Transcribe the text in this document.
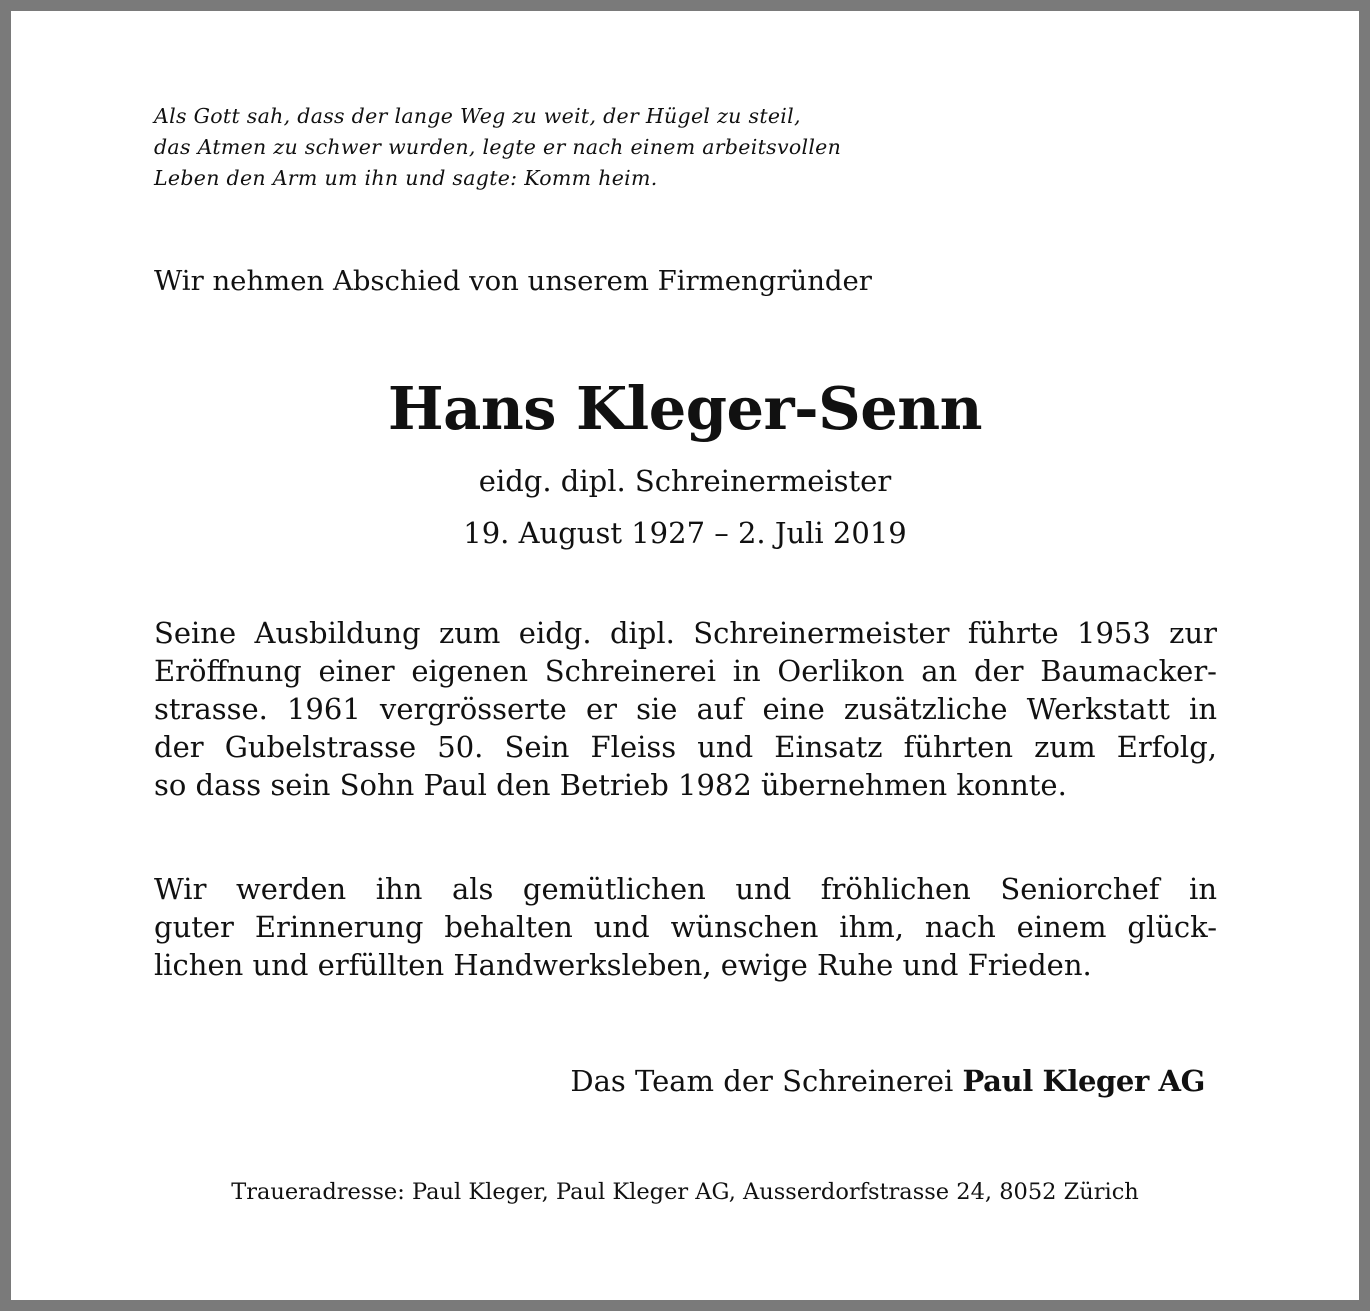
Als Gott sah, dass der lange Weg zu weit, der Hügel zu steil,
das Atmen zu schwer wurden, legte er nach einem arbeitsvollen
Leben den Arm um ihn und sagte: Komm heim.
Wir nehmen Abschied von unserem Firmengründer
Hans Kleger-Senn
eidg. dipl. Schreinermeister
19. August 1927 – 2. Juli 2019
Seine Ausbildung zum eidg. dipl. Schreinermeister führte 1953 zur
Eröffnung einer eigenen Schreinerei in Oerlikon an der Baumacker-
strasse. 1961 vergrösserte er sie auf eine zusätzliche Werkstatt in
der Gubelstrasse 50. Sein Fleiss und Einsatz führten zum Erfolg,
so dass sein Sohn Paul den Betrieb 1982 übernehmen konnte.
Wir werden ihn als gemütlichen und fröhlichen Seniorchef in
guter Erinnerung behalten und wünschen ihm, nach einem glück-
lichen und erfüllten Handwerksleben, ewige Ruhe und Frieden.
Das Team der Schreinerei Paul Kleger AG
Traueradresse: Paul Kleger, Paul Kleger AG, Ausserdorfstrasse 24, 8052 Zürich
